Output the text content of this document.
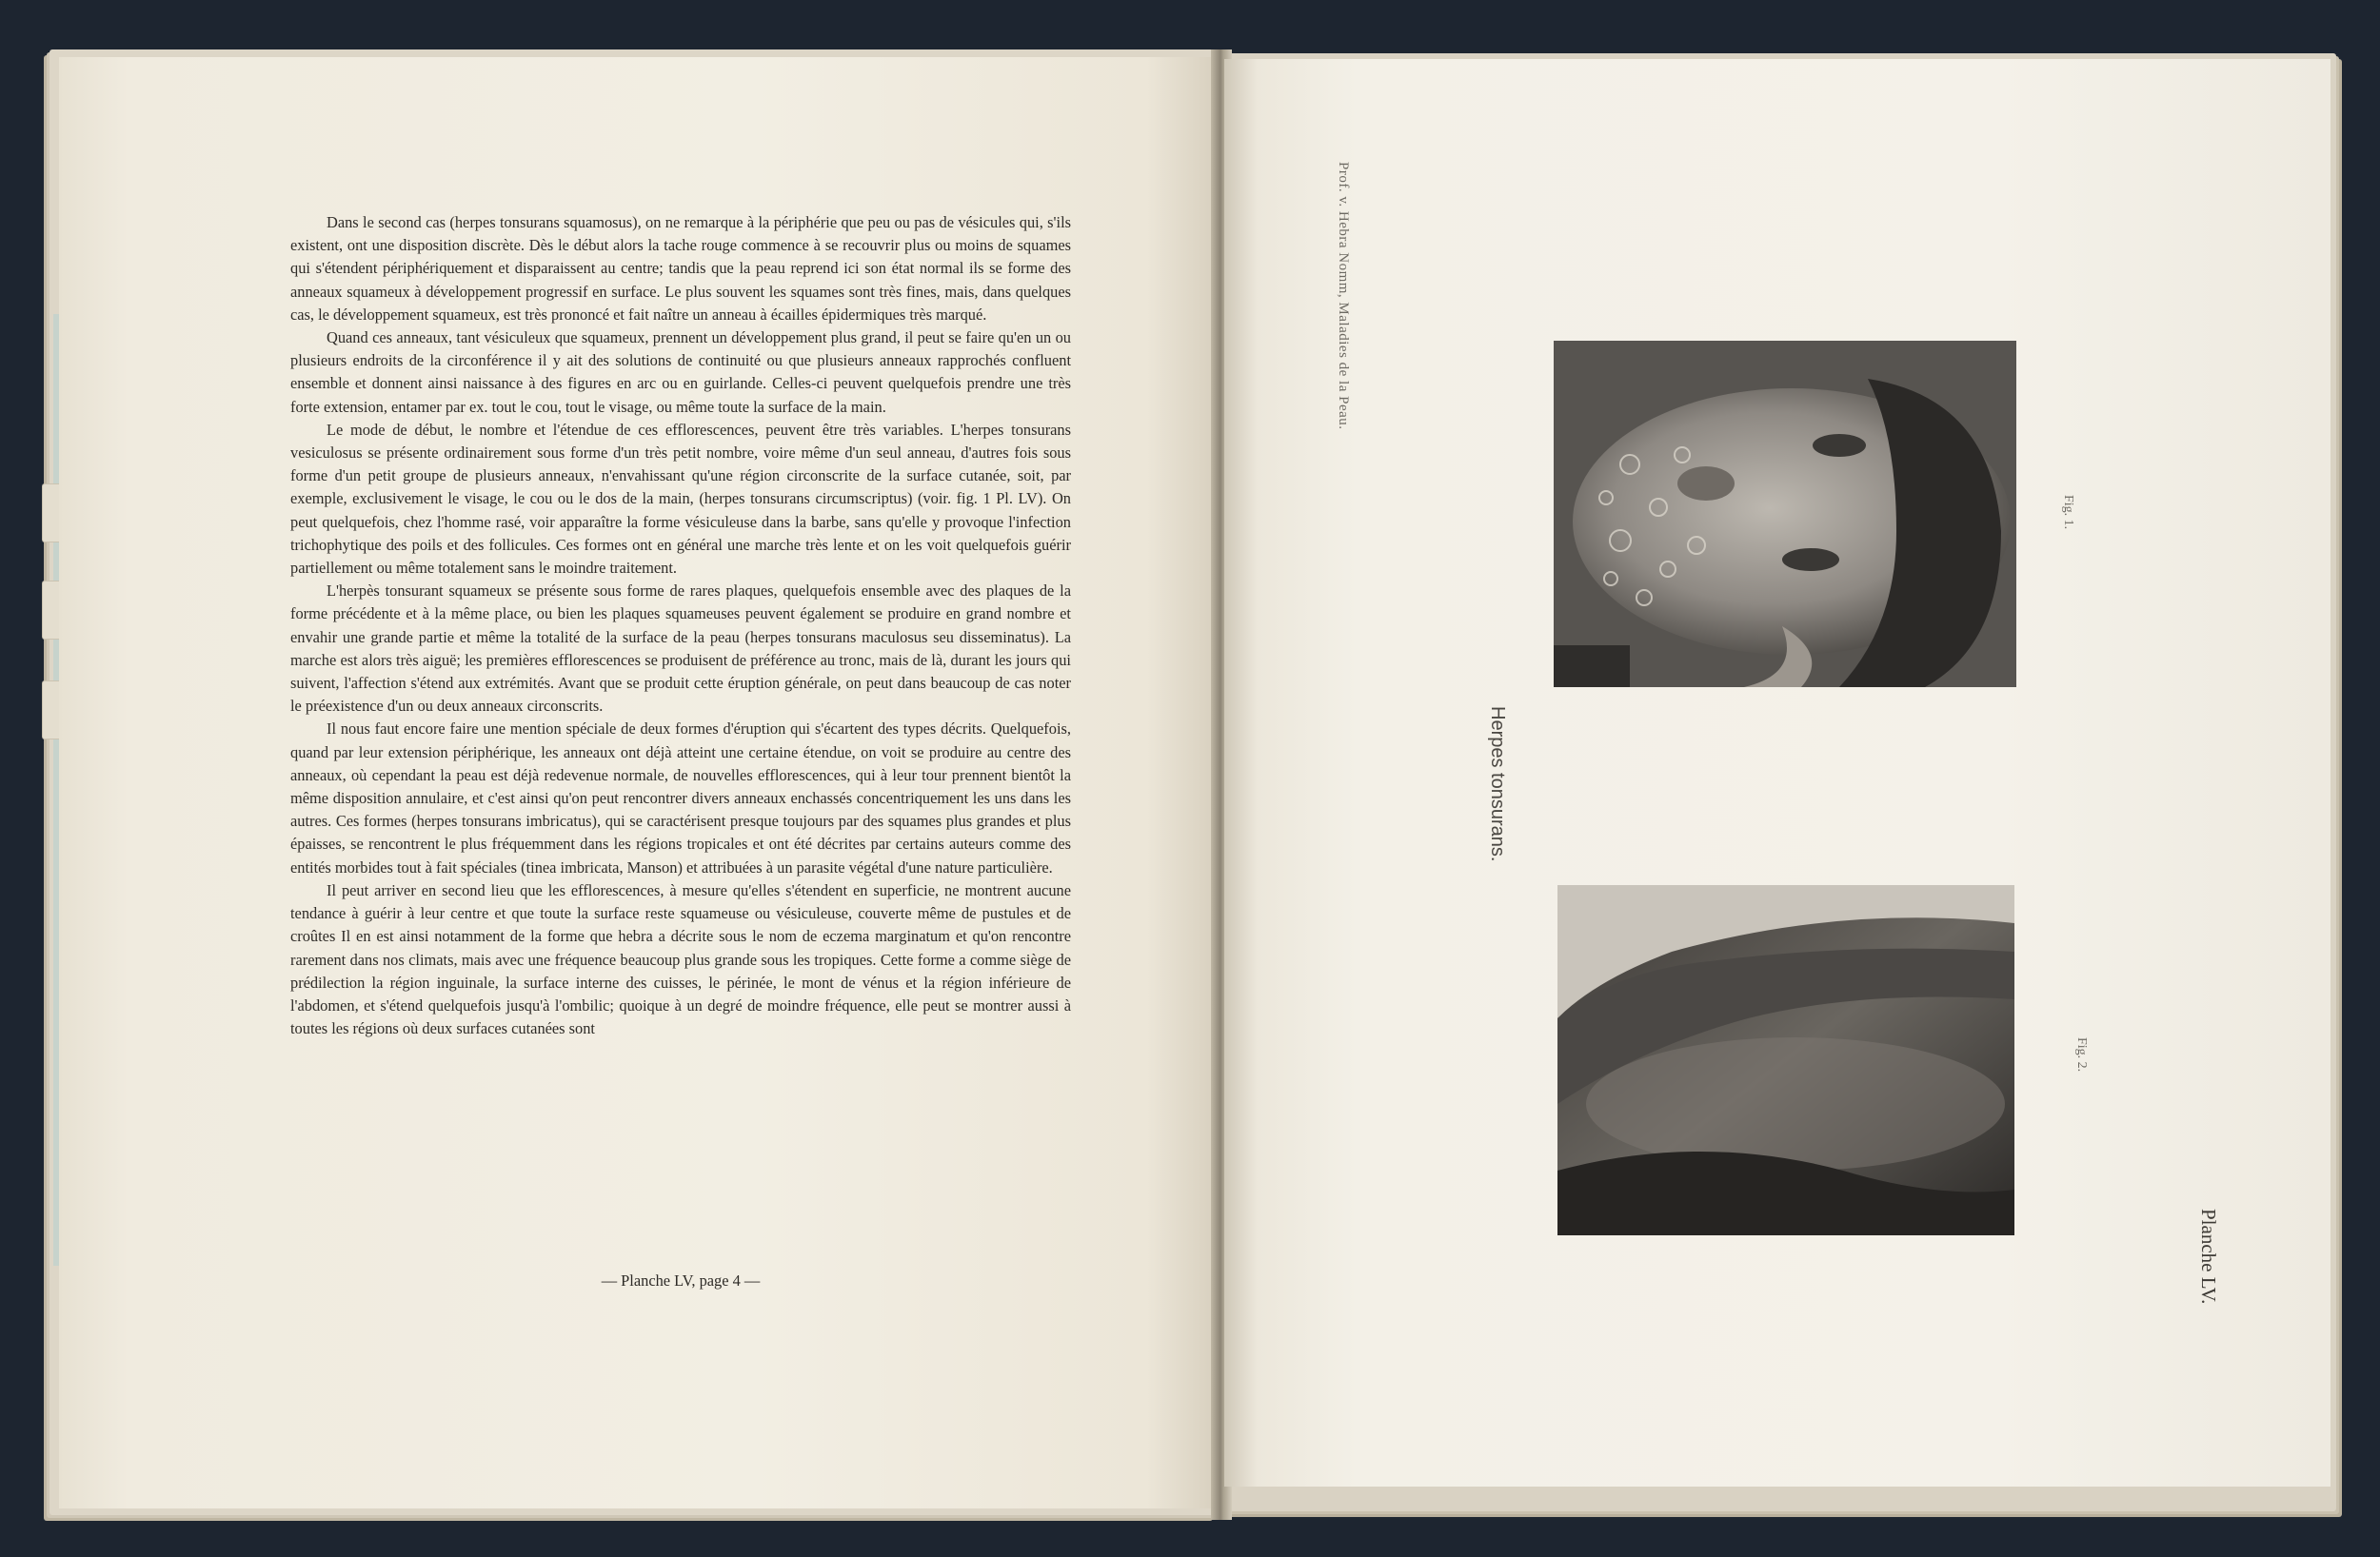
Dans le second cas (herpes tonsurans squamosus), on ne remarque à la périphérie que peu ou pas de vésicules qui, s'ils existent, ont une disposition discrète. Dès le début alors la tache rouge commence à se recouvrir plus ou moins de squames qui s'étendent périphériquement et disparaissent au centre; tandis que la peau reprend ici son état normal ils se forme des anneaux squameux à développement progressif en surface. Le plus souvent les squames sont très fines, mais, dans quelques cas, le développement squameux, est très prononcé et fait naître un anneau à écailles épidermiques très marqué.

Quand ces anneaux, tant vésiculeux que squameux, prennent un développement plus grand, il peut se faire qu'en un ou plusieurs endroits de la circonférence il y ait des solutions de continuité ou que plusieurs anneaux rapprochés confluent ensemble et donnent ainsi naissance à des figures en arc ou en guirlande. Celles-ci peuvent quelquefois prendre une très forte extension, entamer par ex. tout le cou, tout le visage, ou même toute la surface de la main.

Le mode de début, le nombre et l'étendue de ces efflorescences, peuvent être très variables. L'herpes tonsurans vesiculosus se présente ordinairement sous forme d'un très petit nombre, voire même d'un seul anneau, d'autres fois sous forme d'un petit groupe de plusieurs anneaux, n'envahissant qu'une région circonscrite de la surface cutanée, soit, par exemple, exclusivement le visage, le cou ou le dos de la main, (herpes tonsurans circumscriptus) (voir. fig. 1 Pl. LV). On peut quelquefois, chez l'homme rasé, voir apparaître la forme vésiculeuse dans la barbe, sans qu'elle y provoque l'infection trichophytique des poils et des follicules. Ces formes ont en général une marche très lente et on les voit quelquefois guérir partiellement ou même totalement sans le moindre traitement.

L'herpès tonsurant squameux se présente sous forme de rares plaques, quelquefois ensemble avec des plaques de la forme précédente et à la même place, ou bien les plaques squameuses peuvent également se produire en grand nombre et envahir une grande partie et même la totalité de la surface de la peau (herpes tonsurans maculosus seu disseminatus). La marche est alors très aiguë; les premières efflorescences se produisent de préférence au tronc, mais de là, durant les jours qui suivent, l'affection s'étend aux extrémités. Avant que se produit cette éruption générale, on peut dans beaucoup de cas noter le préexistence d'un ou deux anneaux circonscrits.

Il nous faut encore faire une mention spéciale de deux formes d'éruption qui s'écartent des types décrits. Quelquefois, quand par leur extension périphérique, les anneaux ont déjà atteint une certaine étendue, on voit se produire au centre des anneaux, où cependant la peau est déjà redevenue normale, de nouvelles efflorescences, qui à leur tour prennent bientôt la même disposition annulaire, et c'est ainsi qu'on peut rencontrer divers anneaux enchassés concentriquement les uns dans les autres. Ces formes (herpes tonsurans imbricatus), qui se caractérisent presque toujours par des squames plus grandes et plus épaisses, se rencontrent le plus fréquemment dans les régions tropicales et ont été décrites par certains auteurs comme des entités morbides tout à fait spéciales (tinea imbricata, Manson) et attribuées à un parasite végétal d'une nature particulière.

Il peut arriver en second lieu que les efflorescences, à mesure qu'elles s'étendent en superficie, ne montrent aucune tendance à guérir à leur centre et que toute la surface reste squameuse ou vésiculeuse, couverte même de pustules et de croûtes Il en est ainsi notamment de la forme que hebra a décrite sous le nom de eczema marginatum et qu'on rencontre rarement dans nos climats, mais avec une fréquence beaucoup plus grande sous les tropiques. Cette forme a comme siège de prédilection la région inguinale, la surface interne des cuisses, le périnée, le mont de vénus et la région inférieure de l'abdomen, et s'étend quelquefois jusqu'à l'ombilic; quoique à un degré de moindre fréquence, elle peut se montrer aussi à toutes les régions où deux surfaces cutanées sont

— Planche LV, page 4 —
Prof. v. Hebra Nomm, Maladies de la Peau.
Herpes tonsurans.
Fig. 1.
Fig. 2.
Planche LV.
